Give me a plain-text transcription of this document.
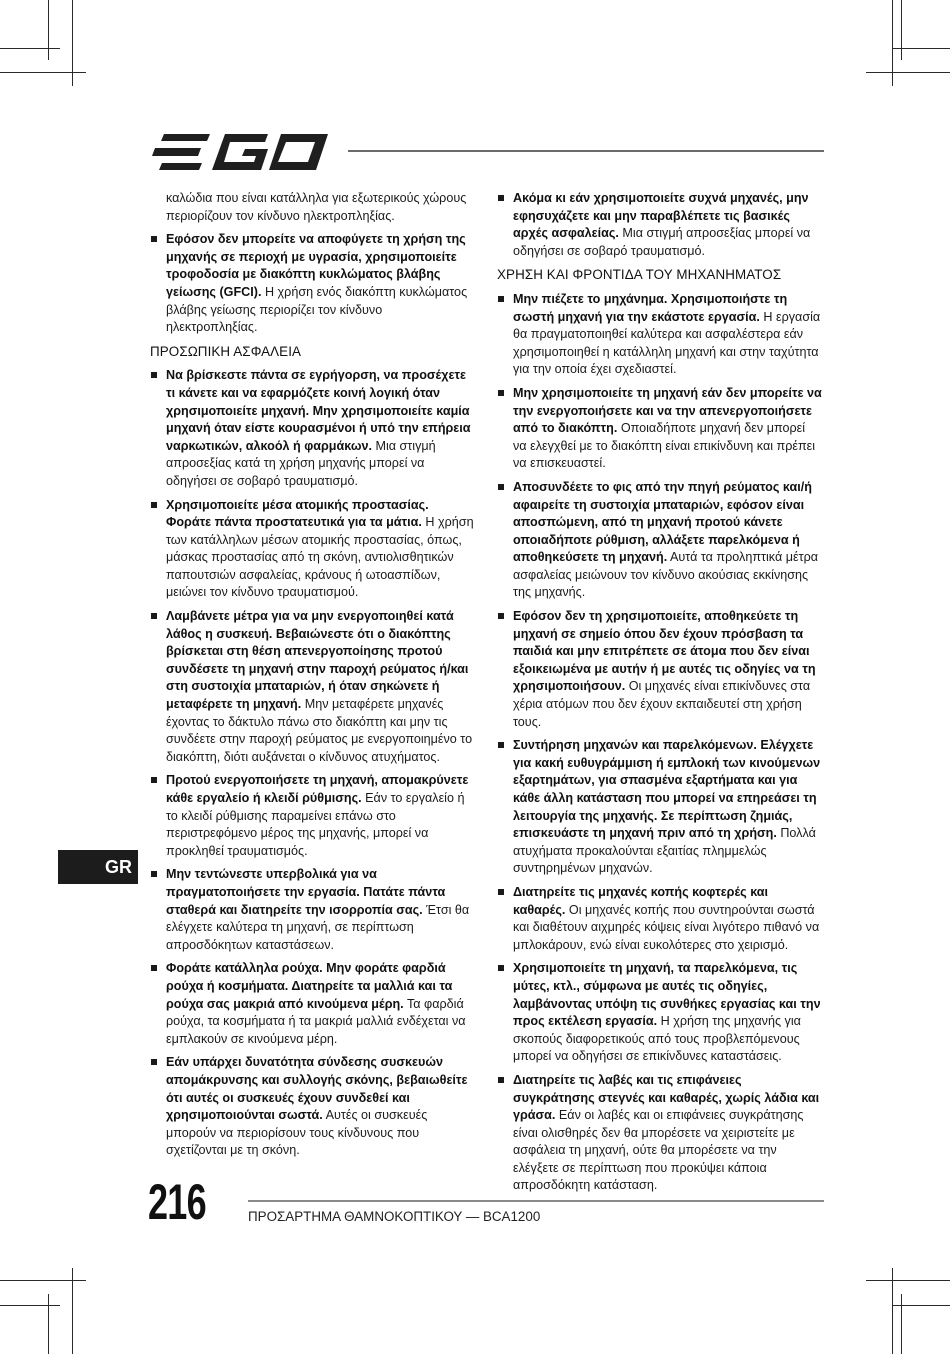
καλώδια που είναι κατάλληλα για εξωτερικούς χώρους περιορίζουν τον κίνδυνο ηλεκτροπληξίας.

Εφόσον δεν μπορείτε να αποφύγετε τη χρήση της μηχανής σε περιοχή με υγρασία, χρησιμοποιείτε τροφοδοσία με διακόπτη κυκλώματος βλάβης γείωσης (GFCI). Η χρήση ενός διακόπτη κυκλώματος βλάβης γείωσης περιορίζει τον κίνδυνο ηλεκτροπληξίας.
ΠΡΟΣΩΠΙΚΗ ΑΣΦΑΛΕΙΑ
Να βρίσκεστε πάντα σε εγρήγορση, να προσέχετε τι κάνετε και να εφαρμόζετε κοινή λογική όταν χρησιμοποιείτε μηχανή. Μην χρησιμοποιείτε καμία μηχανή όταν είστε κουρασμένοι ή υπό την επήρεια ναρκωτικών, αλκοόλ ή φαρμάκων. Μια στιγμή απροσεξίας κατά τη χρήση μηχανής μπορεί να οδηγήσει σε σοβαρό τραυματισμό.
Χρησιμοποιείτε μέσα ατομικής προστασίας. Φοράτε πάντα προστατευτικά για τα μάτια. Η χρήση των κατάλληλων μέσων ατομικής προστασίας, όπως, μάσκας προστασίας από τη σκόνη, αντιολισθητικών παπουτσιών ασφαλείας, κράνους ή ωτοασπίδων, μειώνει τον κίνδυνο τραυματισμού.
Λαμβάνετε μέτρα για να μην ενεργοποιηθεί κατά λάθος η συσκευή. Βεβαιώνεστε ότι ο διακόπτης βρίσκεται στη θέση απενεργοποίησης προτού συνδέσετε τη μηχανή στην παροχή ρεύματος ή/και στη συστοιχία μπαταριών, ή όταν σηκώνετε ή μεταφέρετε τη μηχανή. Μην μεταφέρετε μηχανές έχοντας το δάκτυλο πάνω στο διακόπτη και μην τις συνδέετε στην παροχή ρεύματος με ενεργοποιημένο το διακόπτη, διότι αυξάνεται ο κίνδυνος ατυχήματος.
Προτού ενεργοποιήσετε τη μηχανή, απομακρύνετε κάθε εργαλείο ή κλειδί ρύθμισης. Εάν το εργαλείο ή το κλειδί ρύθμισης παραμείνει επάνω στο περιστρεφόμενο μέρος της μηχανής, μπορεί να προκληθεί τραυματισμός.
Μην τεντώνεστε υπερβολικά για να πραγματοποιήσετε την εργασία. Πατάτε πάντα σταθερά και διατηρείτε την ισορροπία σας. Έτσι θα ελέγχετε καλύτερα τη μηχανή, σε περίπτωση απροσδόκητων καταστάσεων.
Φοράτε κατάλληλα ρούχα. Μην φοράτε φαρδιά ρούχα ή κοσμήματα. Διατηρείτε τα μαλλιά και τα ρούχα σας μακριά από κινούμενα μέρη. Τα φαρδιά ρούχα, τα κοσμήματα ή τα μακριά μαλλιά ενδέχεται να εμπλακούν σε κινούμενα μέρη.
Εάν υπάρχει δυνατότητα σύνδεσης συσκευών απομάκρυνσης και συλλογής σκόνης, βεβαιωθείτε ότι αυτές οι συσκευές έχουν συνδεθεί και χρησιμοποιούνται σωστά. Αυτές οι συσκευές μπορούν να περιορίσουν τους κίνδυνους που σχετίζονται με τη σκόνη.
Ακόμα κι εάν χρησιμοποιείτε συχνά μηχανές, μην εφησυχάζετε και μην παραβλέπετε τις βασικές αρχές ασφαλείας. Μια στιγμή απροσεξίας μπορεί να οδηγήσει σε σοβαρό τραυματισμό.
ΧΡΗΣΗ ΚΑΙ ΦΡΟΝΤΙΔΑ ΤΟΥ ΜΗΧΑΝΗΜΑΤΟΣ
Μην πιέζετε το μηχάνημα. Χρησιμοποιήστε τη σωστή μηχανή για την εκάστοτε εργασία. Η εργασία θα πραγματοποιηθεί καλύτερα και ασφαλέστερα εάν χρησιμοποιηθεί η κατάλληλη μηχανή και στην ταχύτητα για την οποία έχει σχεδιαστεί.
Μην χρησιμοποιείτε τη μηχανή εάν δεν μπορείτε να την ενεργοποιήσετε και να την απενεργοποιήσετε από το διακόπτη. Οποιαδήποτε μηχανή δεν μπορεί να ελεγχθεί με το διακόπτη είναι επικίνδυνη και πρέπει να επισκευαστεί.
Αποσυνδέετε το φις από την πηγή ρεύματος και/ή αφαιρείτε τη συστοιχία μπαταριών, εφόσον είναι αποσπώμενη, από τη μηχανή προτού κάνετε οποιαδήποτε ρύθμιση, αλλάξετε παρελκόμενα ή αποθηκεύσετε τη μηχανή. Αυτά τα προληπτικά μέτρα ασφαλείας μειώνουν τον κίνδυνο ακούσιας εκκίνησης της μηχανής.
Εφόσον δεν τη χρησιμοποιείτε, αποθηκεύετε τη μηχανή σε σημείο όπου δεν έχουν πρόσβαση τα παιδιά και μην επιτρέπετε σε άτομα που δεν είναι εξοικειωμένα με αυτήν ή με αυτές τις οδηγίες να τη χρησιμοποιήσουν. Οι μηχανές είναι επικίνδυνες στα χέρια ατόμων που δεν έχουν εκπαιδευτεί στη χρήση τους.
Συντήρηση μηχανών και παρελκόμενων. Ελέγχετε για κακή ευθυγράμμιση ή εμπλοκή των κινούμενων εξαρτημάτων, για σπασμένα εξαρτήματα και για κάθε άλλη κατάσταση που μπορεί να επηρεάσει τη λειτουργία της μηχανής. Σε περίπτωση ζημιάς, επισκευάστε τη μηχανή πριν από τη χρήση. Πολλά ατυχήματα προκαλούνται εξαιτίας πλημμελώς συντηρημένων μηχανών.
Διατηρείτε τις μηχανές κοπής κοφτερές και καθαρές. Οι μηχανές κοπής που συντηρούνται σωστά και διαθέτουν αιχμηρές κόψεις είναι λιγότερο πιθανό να μπλοκάρουν, ενώ είναι ευκολότερες στο χειρισμό.
Χρησιμοποιείτε τη μηχανή, τα παρελκόμενα, τις μύτες, κτλ., σύμφωνα με αυτές τις οδηγίες, λαμβάνοντας υπόψη τις συνθήκες εργασίας και την προς εκτέλεση εργασία. Η χρήση της μηχανής για σκοπούς διαφορετικούς από τους προβλεπόμενους μπορεί να οδηγήσει σε επικίνδυνες καταστάσεις.
Διατηρείτε τις λαβές και τις επιφάνειες συγκράτησης στεγνές και καθαρές, χωρίς λάδια και γράσα. Εάν οι λαβές και οι επιφάνειες συγκράτησης είναι ολισθηρές δεν θα μπορέσετε να χειριστείτε με ασφάλεια τη μηχανή, ούτε θα μπορέσετε να την ελέγξετε σε περίπτωση που προκύψει κάποια απροσδόκητη κατάσταση.
GR
216	ΠΡΟΣΑΡΤΗΜΑ ΘΑΜΝΟΚΟΠΤΙΚΟΥ — BCA1200
